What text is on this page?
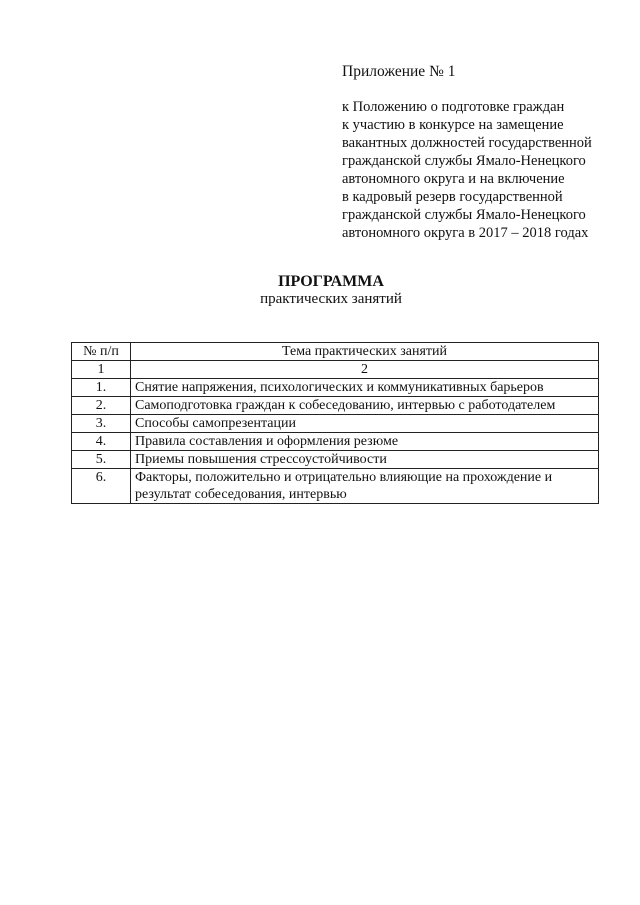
Приложение № 1
к Положению о подготовке граждан
к участию в конкурсе на замещение
вакантных должностей государственной
гражданской службы Ямало-Ненецкого
автономного округа и на включение
в кадровый резерв государственной
гражданской службы Ямало-Ненецкого
автономного округа в 2017 – 2018 годах
ПРОГРАММА
практических занятий
№ п/п	Тема практических занятий
1	2
1.	Снятие напряжения, психологических и коммуникативных барьеров
2.	Самоподготовка граждан к собеседованию, интервью с работодателем
3.	Способы самопрезентации
4.	Правила составления и оформления резюме
5.	Приемы повышения стрессоустойчивости
6.	Факторы, положительно и отрицательно влияющие на прохождение и результат собеседования, интервью
